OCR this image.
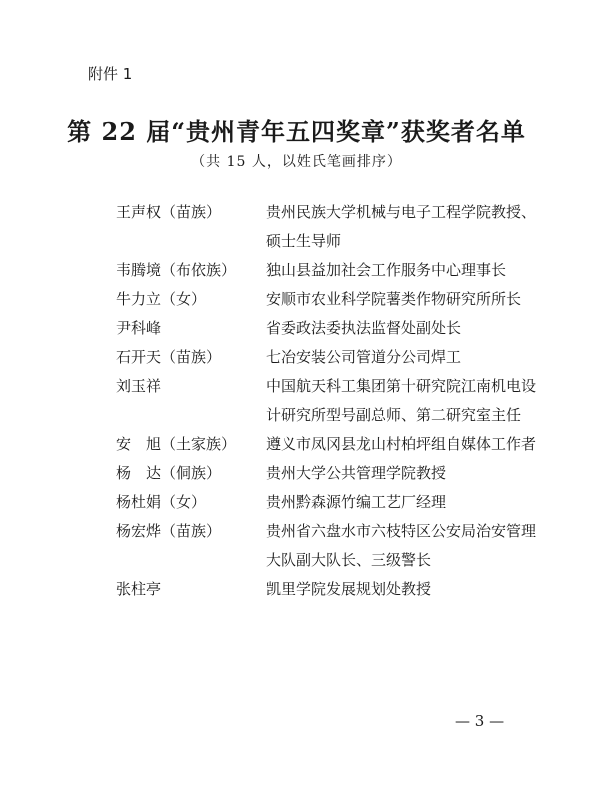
附件 1
第 22 届“贵州青年五四奖章”获奖者名单
（共 15 人，以姓氏笔画排序）
王声权（苗族）	贵州民族大学机械与电子工程学院教授、硕士生导师
韦腾境（布依族）	独山县益加社会工作服务中心理事长
牛力立（女）	安顺市农业科学院薯类作物研究所所长
尹科峰	省委政法委执法监督处副处长
石开天（苗族）	七冶安装公司管道分公司焊工
刘玉祥	中国航天科工集团第十研究院江南机电设计研究所型号副总师、第二研究室主任
安　旭（土家族）	遵义市凤冈县龙山村柏坪组自媒体工作者
杨　达（侗族）	贵州大学公共管理学院教授
杨杜娟（女）	贵州黔森源竹编工艺厂经理
杨宏烨（苗族）	贵州省六盘水市六枝特区公安局治安管理大队副大队长、三级警长
张柱亭	凯里学院发展规划处教授
— 3 —
